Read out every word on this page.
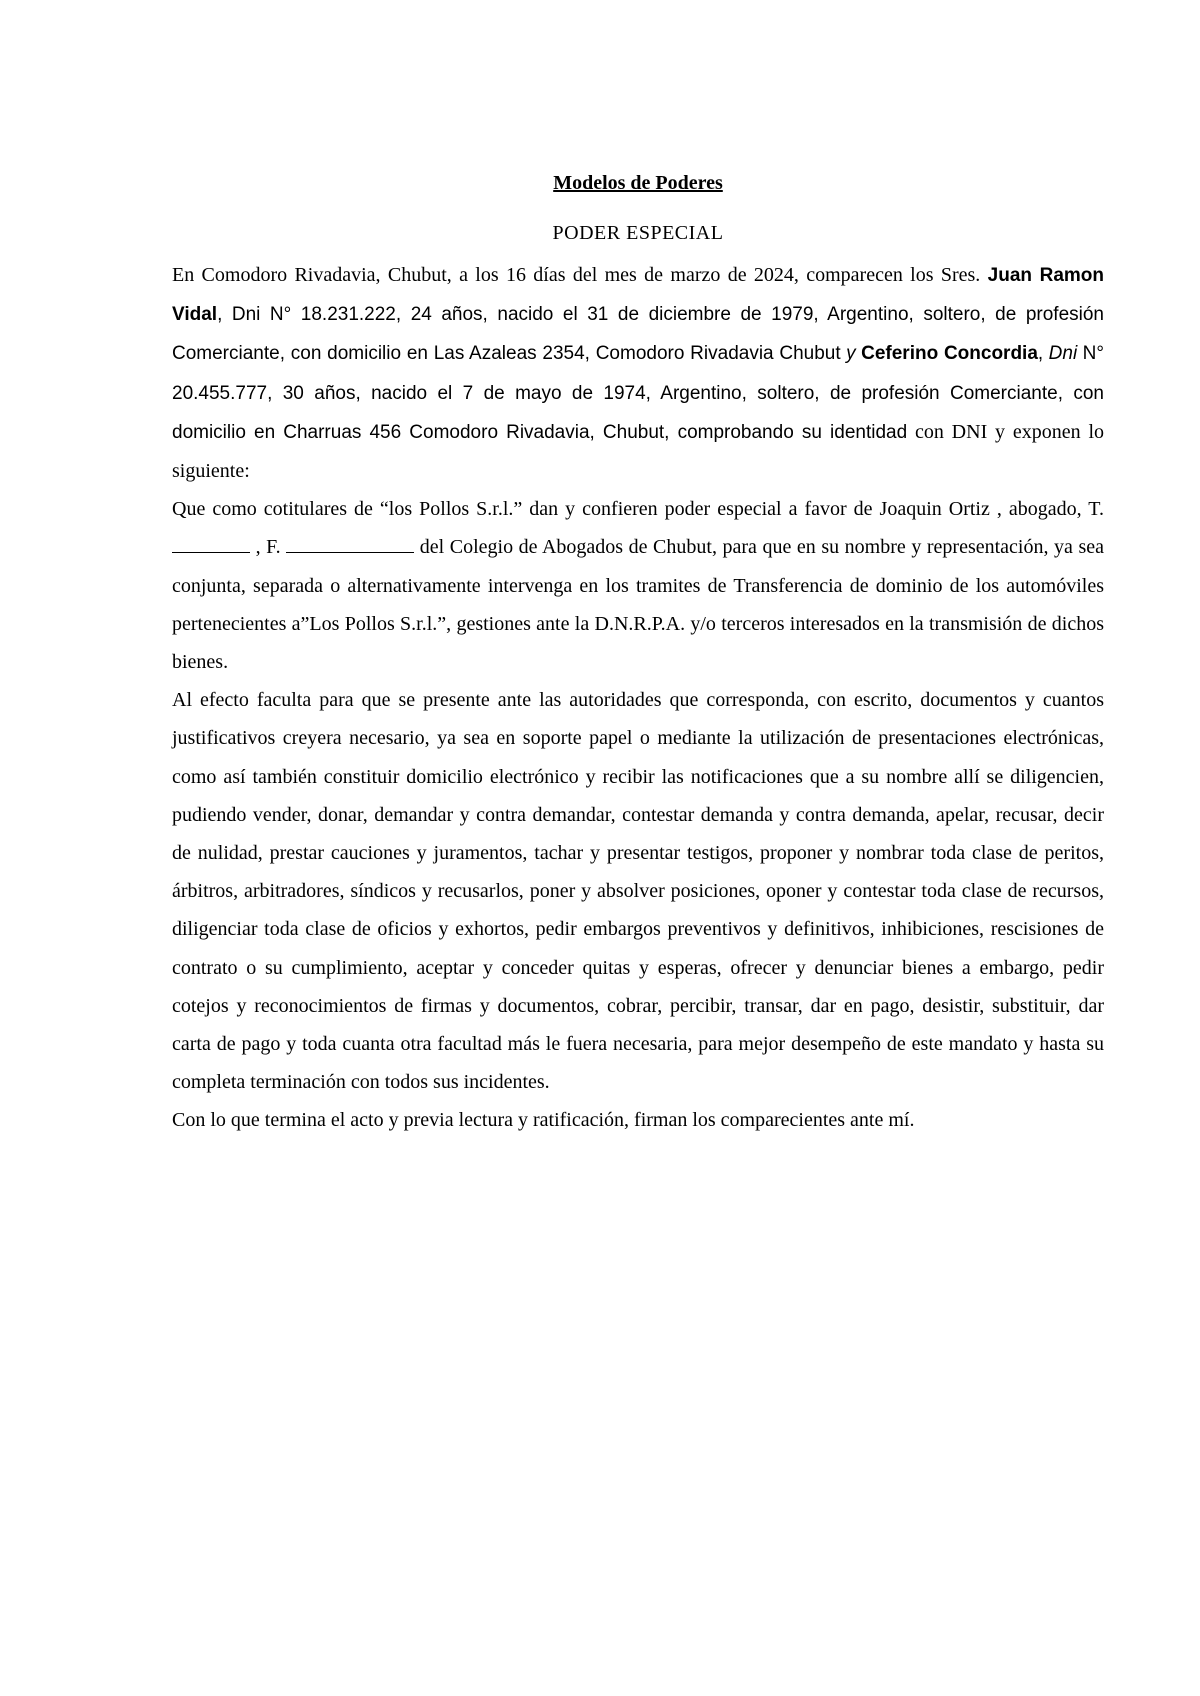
Modelos de Poderes

PODER ESPECIAL

En Comodoro Rivadavia, Chubut, a los 16 días del mes de marzo de 2024, comparecen los Sres. Juan Ramon Vidal, Dni N° 18.231.222, 24 años, nacido el 31 de diciembre de 1979, Argentino, soltero, de profesión Comerciante, con domicilio en Las Azaleas 2354, Comodoro Rivadavia Chubut y Ceferino Concordia, Dni N° 20.455.777, 30 años, nacido el 7 de mayo de 1974, Argentino, soltero, de profesión Comerciante, con domicilio en Charruas 456 Comodoro Rivadavia, Chubut, comprobando su identidad con DNI y exponen lo siguiente:

Que como cotitulares de “los Pollos S.r.l.” dan y confieren poder especial a favor de Joaquin Ortiz , abogado, T.  , F.	del Colegio de Abogados de Chubut, para que en su nombre y representación, ya sea conjunta, separada o alternativamente intervenga en los tramites de Transferencia de dominio de los automóviles pertenecientes a”Los Pollos S.r.l.”, gestiones ante la D.N.R.P.A. y/o terceros interesados en la transmisión de dichos bienes.

Al efecto faculta para que se presente ante las autoridades que corresponda, con escrito, documentos y cuantos justificativos creyera necesario, ya sea en soporte papel o mediante la utilización de presentaciones electrónicas, como así también constituir domicilio electrónico y recibir las notificaciones que a su nombre allí se diligencien, pudiendo vender, donar, demandar y contra demandar, contestar demanda y contra demanda, apelar, recusar, decir de nulidad, prestar cauciones y juramentos, tachar y presentar testigos, proponer y nombrar toda clase de peritos, árbitros, arbitradores, síndicos y recusarlos, poner y absolver posiciones, oponer y contestar toda clase de recursos, diligenciar toda clase de oficios y exhortos, pedir embargos preventivos y definitivos, inhibiciones, rescisiones de contrato o su cumplimiento, aceptar y conceder quitas y esperas, ofrecer y denunciar bienes a embargo, pedir cotejos y reconocimientos de firmas y documentos, cobrar, percibir, transar, dar en pago, desistir, substituir, dar carta de pago y toda cuanta otra facultad más le fuera necesaria, para mejor desempeño de este mandato y hasta su completa terminación con todos sus incidentes.

Con lo que termina el acto y previa lectura y ratificación, firman los comparecientes ante mí.
